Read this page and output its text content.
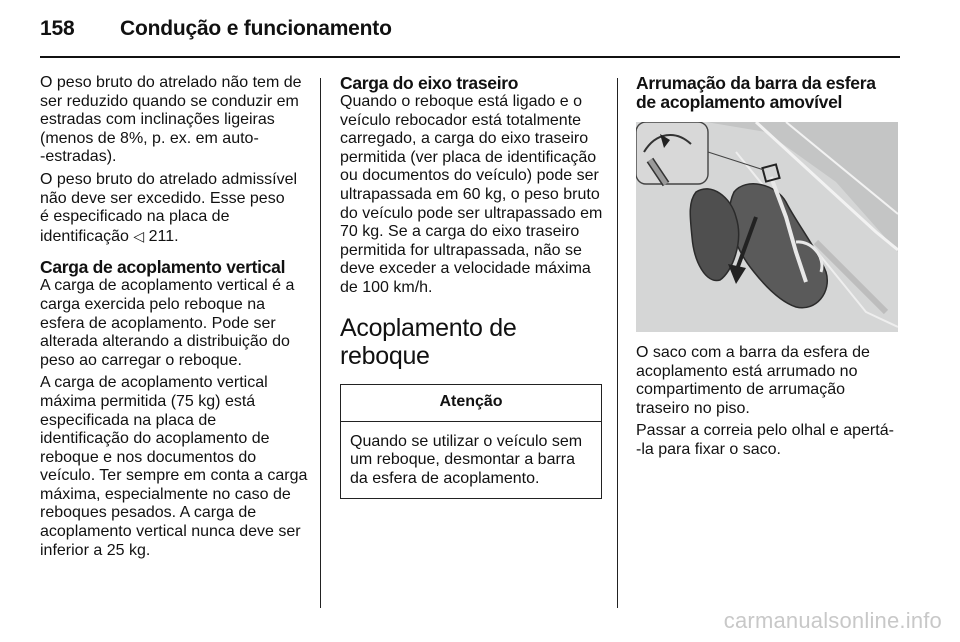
158	Condução e funcionamento

O peso bruto do atrelado não tem de
ser reduzido quando se conduzir em
estradas com inclinações ligeiras
(menos de 8%, p. ex. em auto-
-estradas).

O peso bruto do atrelado admissível
não deve ser excedido. Esse peso
é especificado na placa de
identificação ◁ 211.

Carga de acoplamento vertical

A carga de acoplamento vertical é a
carga exercida pelo reboque na
esfera de acoplamento. Pode ser
alterada alterando a distribuição do
peso ao carregar o reboque.

A carga de acoplamento vertical
máxima permitida (75 kg) está
especificada na placa de
identificação do acoplamento de
reboque e nos documentos do
veículo. Ter sempre em conta a carga
máxima, especialmente no caso de
reboques pesados. A carga de
acoplamento vertical nunca deve ser
inferior a 25 kg.

Carga do eixo traseiro

Quando o reboque está ligado e o
veículo rebocador está totalmente
carregado, a carga do eixo traseiro
permitida (ver placa de identificação
ou documentos do veículo) pode ser
ultrapassada em 60 kg, o peso bruto
do veículo pode ser ultrapassado em
70 kg. Se a carga do eixo traseiro
permitida for ultrapassada, não se
deve exceder a velocidade máxima
de 100 km/h.

Acoplamento de reboque
Atenção
Quando se utilizar o veículo sem
um reboque, desmontar a barra
da esfera de acoplamento.
Arrumação da barra da esfera
de acoplamento amovível

O saco com a barra da esfera de
acoplamento está arrumado no
compartimento de arrumação
traseiro no piso.

Passar a correia pelo olhal e apertá-
-la para fixar o saco.

carmanualsonline.info
